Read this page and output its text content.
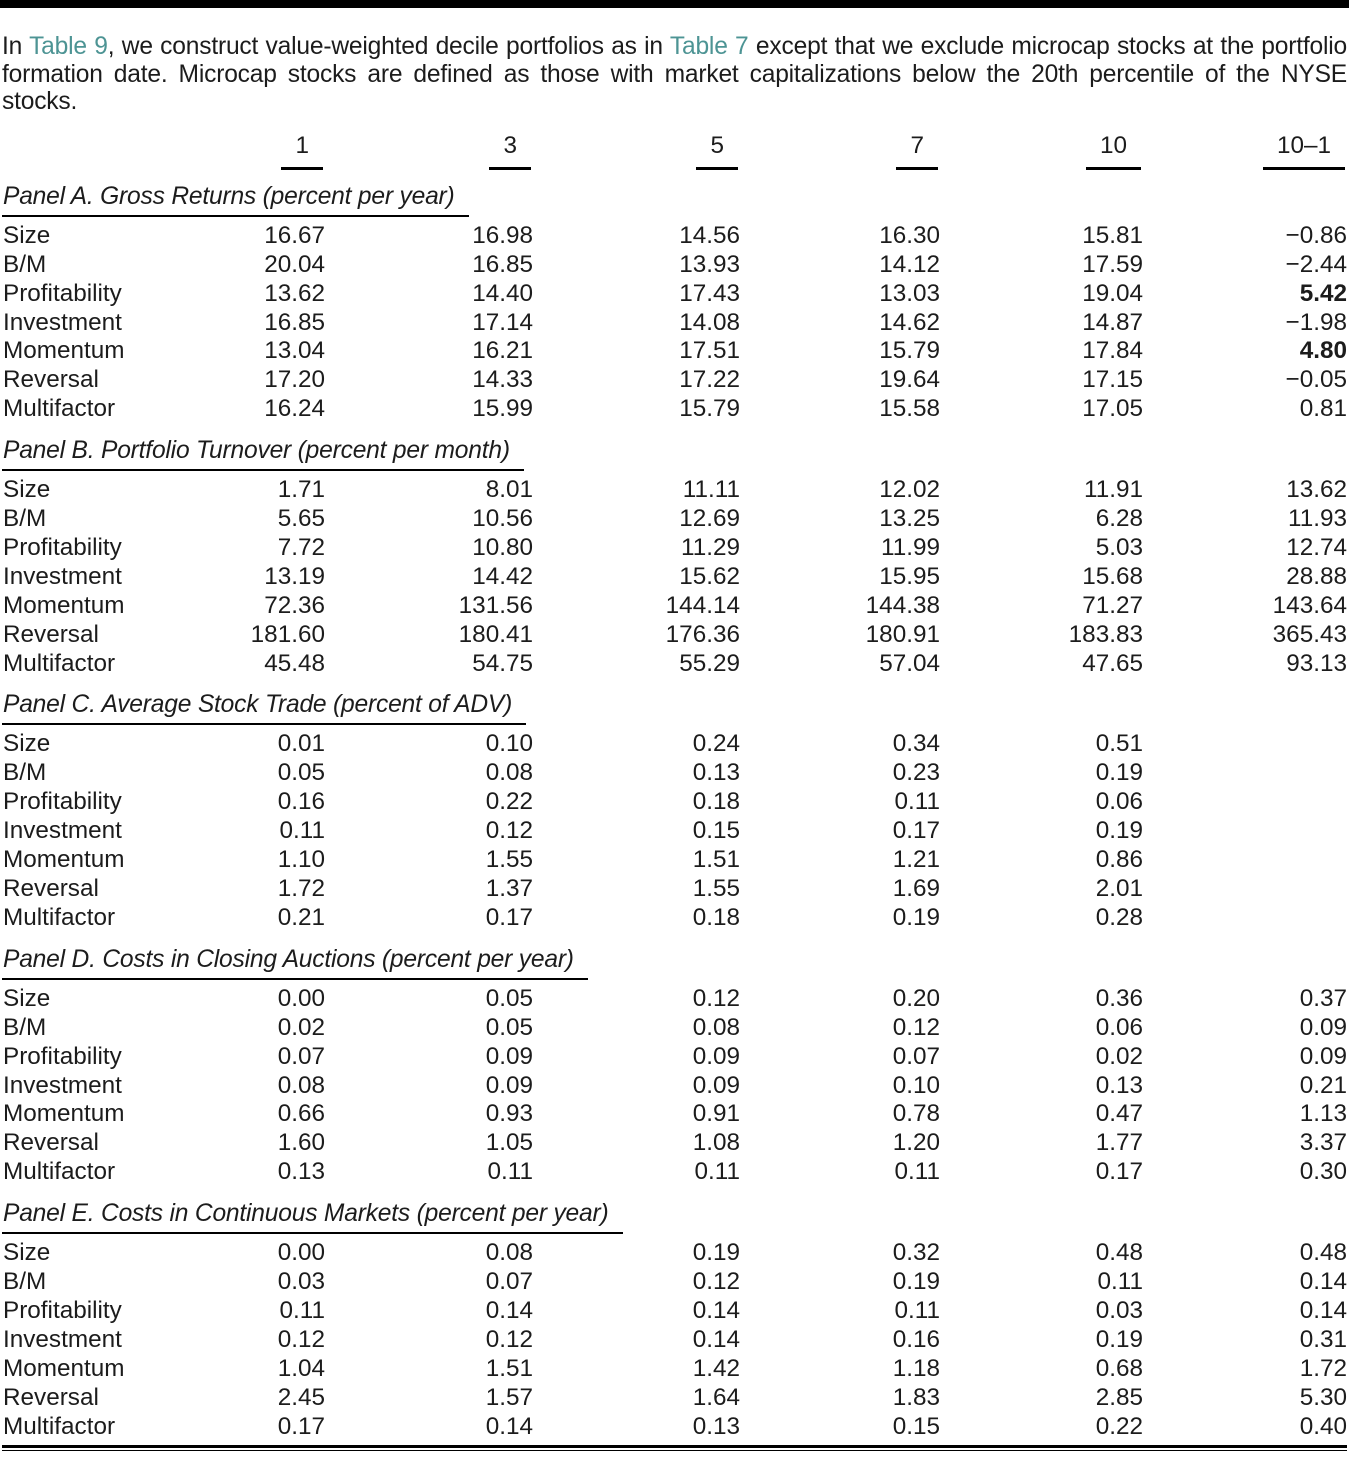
In Table 9, we construct value-weighted decile portfolios as in Table 7 except that we exclude microcap stocks at the portfolio formation date. Microcap stocks are defined as those with market capitalizations below the 20th percentile of the NYSE stocks.

1	3	5	7	10	10–1
Panel A. Gross Returns (percent per year)
Size	16.67	16.98	14.56	16.30	15.81	−0.86
B/M	20.04	16.85	13.93	14.12	17.59	−2.44
Profitability	13.62	14.40	17.43	13.03	19.04	5.42
Investment	16.85	17.14	14.08	14.62	14.87	−1.98
Momentum	13.04	16.21	17.51	15.79	17.84	4.80
Reversal	17.20	14.33	17.22	19.64	17.15	−0.05
Multifactor	16.24	15.99	15.79	15.58	17.05	0.81
Panel B. Portfolio Turnover (percent per month)
Size	1.71	8.01	11.11	12.02	11.91	13.62
B/M	5.65	10.56	12.69	13.25	6.28	11.93
Profitability	7.72	10.80	11.29	11.99	5.03	12.74
Investment	13.19	14.42	15.62	15.95	15.68	28.88
Momentum	72.36	131.56	144.14	144.38	71.27	143.64
Reversal	181.60	180.41	176.36	180.91	183.83	365.43
Multifactor	45.48	54.75	55.29	57.04	47.65	93.13
Panel C. Average Stock Trade (percent of ADV)
Size	0.01	0.10	0.24	0.34	0.51
B/M	0.05	0.08	0.13	0.23	0.19
Profitability	0.16	0.22	0.18	0.11	0.06
Investment	0.11	0.12	0.15	0.17	0.19
Momentum	1.10	1.55	1.51	1.21	0.86
Reversal	1.72	1.37	1.55	1.69	2.01
Multifactor	0.21	0.17	0.18	0.19	0.28
Panel D. Costs in Closing Auctions (percent per year)
Size	0.00	0.05	0.12	0.20	0.36	0.37
B/M	0.02	0.05	0.08	0.12	0.06	0.09
Profitability	0.07	0.09	0.09	0.07	0.02	0.09
Investment	0.08	0.09	0.09	0.10	0.13	0.21
Momentum	0.66	0.93	0.91	0.78	0.47	1.13
Reversal	1.60	1.05	1.08	1.20	1.77	3.37
Multifactor	0.13	0.11	0.11	0.11	0.17	0.30
Panel E. Costs in Continuous Markets (percent per year)
Size	0.00	0.08	0.19	0.32	0.48	0.48
B/M	0.03	0.07	0.12	0.19	0.11	0.14
Profitability	0.11	0.14	0.14	0.11	0.03	0.14
Investment	0.12	0.12	0.14	0.16	0.19	0.31
Momentum	1.04	1.51	1.42	1.18	0.68	1.72
Reversal	2.45	1.57	1.64	1.83	2.85	5.30
Multifactor	0.17	0.14	0.13	0.15	0.22	0.40
